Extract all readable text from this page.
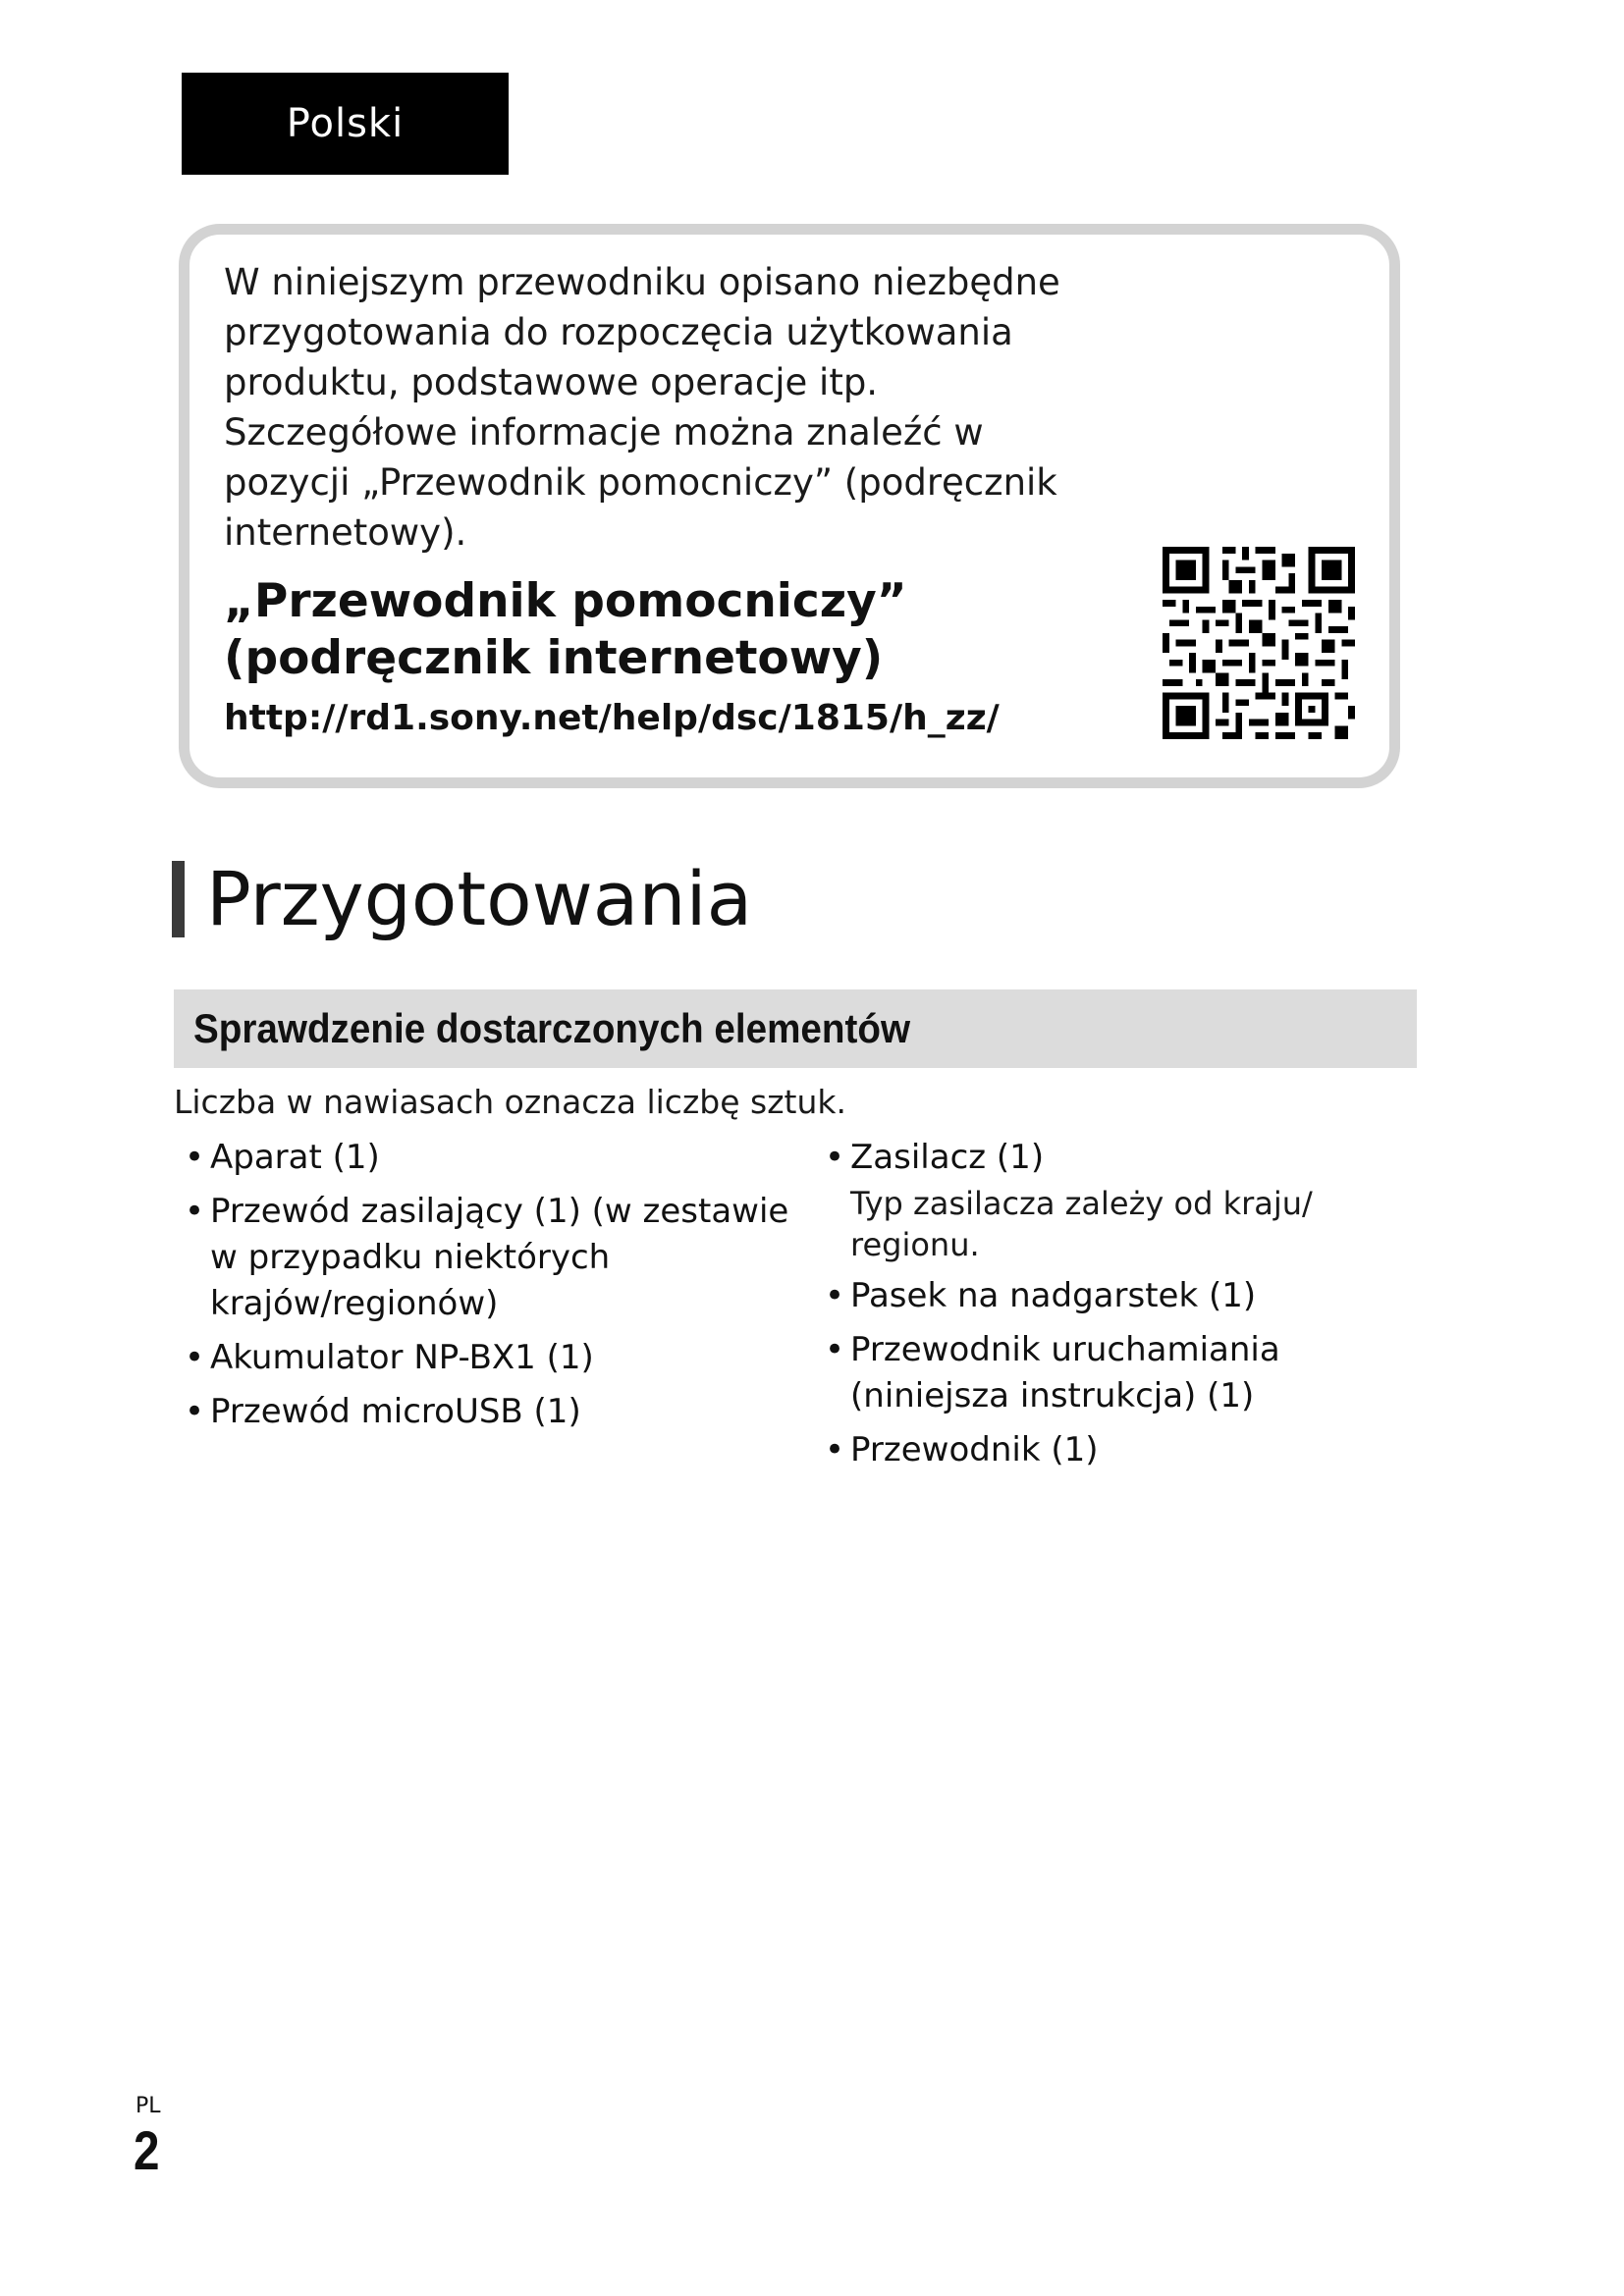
Polski

W niniejszym przewodniku opisano niezbędne przygotowania do rozpoczęcia użytkowania produktu, podstawowe operacje itp. Szczegółowe informacje można znaleźć w pozycji „Przewodnik pomocniczy” (podręcznik internetowy).

„Przewodnik pomocniczy” (podręcznik internetowy)
http://rd1.sony.net/help/dsc/1815/h_zz/
Przygotowania
Sprawdzenie dostarczonych elementów
Liczba w nawiasach oznacza liczbę sztuk.
• Aparat (1)
• Przewód zasilający (1) (w zestawie w przypadku niektórych krajów/regionów)
• Akumulator NP-BX1 (1)
• Przewód microUSB (1)
• Zasilacz (1)
Typ zasilacza zależy od kraju/ regionu.
• Pasek na nadgarstek (1)
• Przewodnik uruchamiania (niniejsza instrukcja) (1)
• Przewodnik (1)
PL
2
